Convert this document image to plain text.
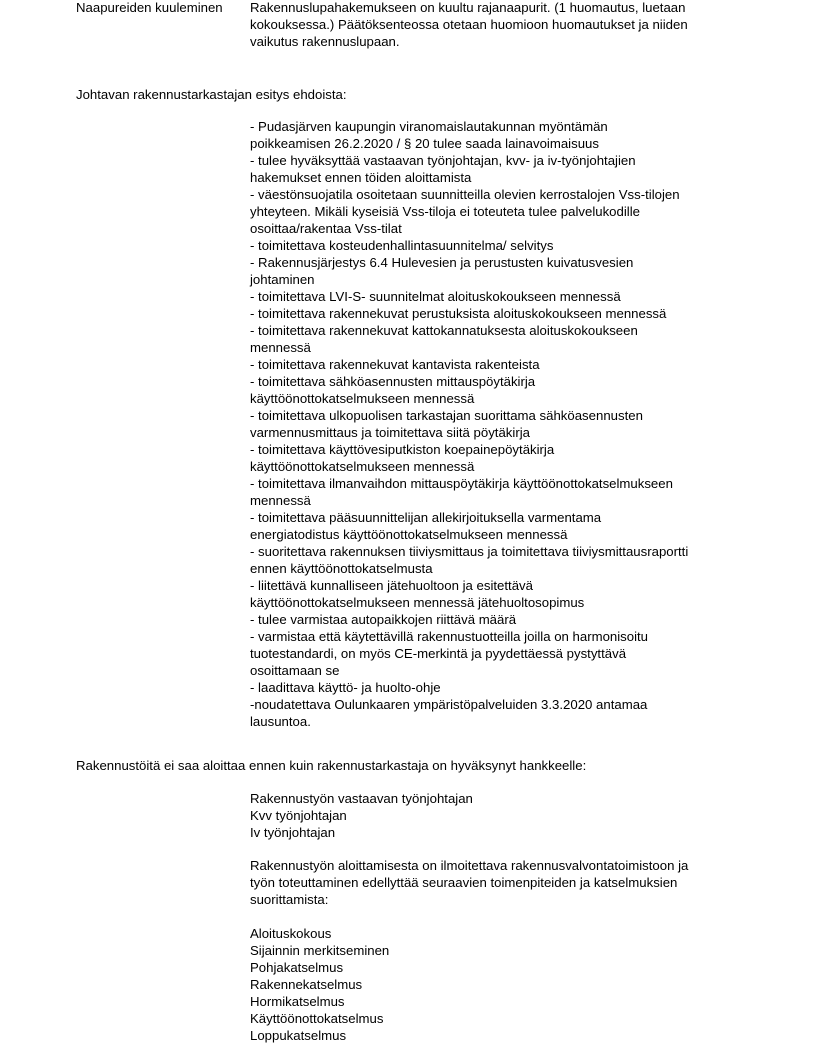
Naapureiden kuuleminen Rakennuslupahakemukseen on kuultu rajanaapurit. (1 huomautus, luetaan
kokouksessa.) Päätöksenteossa otetaan huomioon huomautukset ja niiden
vaikutus rakennuslupaan.
Johtavan rakennustarkastajan esitys ehdoista:
- Pudasjärven kaupungin viranomaislautakunnan myöntämän
poikkeamisen 26.2.2020 / § 20 tulee saada lainavoimaisuus
- tulee hyväksyttää vastaavan työnjohtajan, kvv- ja iv-työnjohtajien
hakemukset ennen töiden aloittamista
- väestönsuojatila osoitetaan suunnitteilla olevien kerrostalojen Vss-tilojen
yhteyteen. Mikäli kyseisiä Vss-tiloja ei toteuteta tulee palvelukodille
osoittaa/rakentaa Vss-tilat
- toimitettava kosteudenhallintasuunnitelma/ selvitys
- Rakennusjärjestys 6.4 Hulevesien ja perustusten kuivatusvesien
johtaminen
- toimitettava LVI-S- suunnitelmat aloituskokoukseen mennessä
- toimitettava rakennekuvat perustuksista aloituskokoukseen mennessä
- toimitettava rakennekuvat kattokannatuksesta aloituskokoukseen
mennessä
- toimitettava rakennekuvat kantavista rakenteista
- toimitettava sähköasennusten mittauspöytäkirja
käyttöönottokatselmukseen mennessä
- toimitettava ulkopuolisen tarkastajan suorittama sähköasennusten
varmennusmittaus ja toimitettava siitä pöytäkirja
- toimitettava käyttövesiputkiston koepainepöytäkirja
käyttöönottokatselmukseen mennessä
- toimitettava ilmanvaihdon mittauspöytäkirja käyttöönottokatselmukseen
mennessä
- toimitettava pääsuunnittelijan allekirjoituksella varmentama
energiatodistus käyttöönottokatselmukseen mennessä
- suoritettava rakennuksen tiiviysmittaus ja toimitettava tiiviysmittausraportti
ennen käyttöönottokatselmusta
- liitettävä kunnalliseen jätehuoltoon ja esitettävä
käyttöönottokatselmukseen mennessä jätehuoltosopimus
- tulee varmistaa autopaikkojen riittävä määrä
- varmistaa että käytettävillä rakennustuotteilla joilla on harmonisoitu
tuotestandardi, on myös CE-merkintä ja pyydettäessä pystyttävä
osoittamaan se
- laadittava käyttö- ja huolto-ohje
-noudatettava Oulunkaaren ympäristöpalveluiden 3.3.2020 antamaa
lausuntoa.
Rakennustöitä ei saa aloittaa ennen kuin rakennustarkastaja on hyväksynyt hankkeelle:
Rakennustyön vastaavan työnjohtajan
Kvv työnjohtajan
Iv työnjohtajan
Rakennustyön aloittamisesta on ilmoitettava rakennusvalvontatoimistoon ja
työn toteuttaminen edellyttää seuraavien toimenpiteiden ja katselmuksien
suorittamista:
Aloituskokous
Sijainnin merkitseminen
Pohjakatselmus
Rakennekatselmus
Hormikatselmus
Käyttöönottokatselmus
Loppukatselmus
